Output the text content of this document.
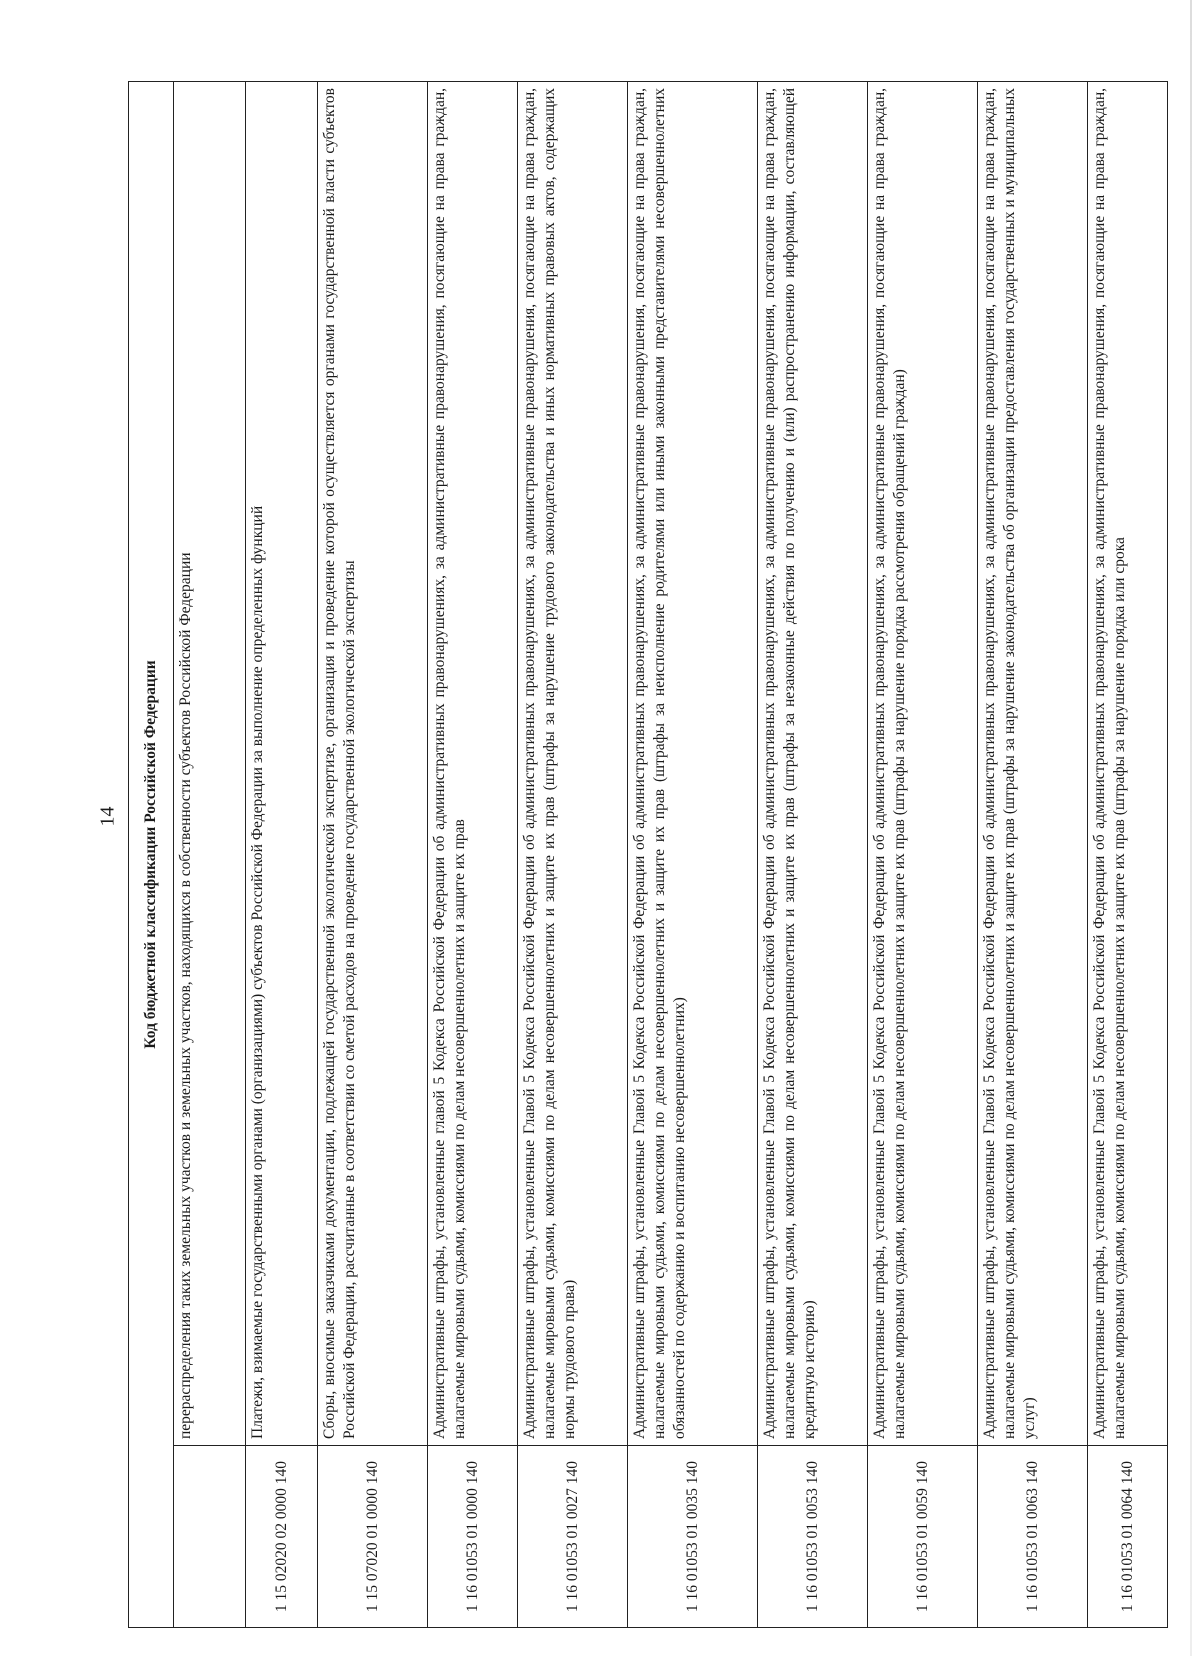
14 Код бюджетной классификации Российской Федерации	
	перераспределения таких земельных участков и земельных участков, находящихся в собственности субъектов Российской Федерации
1 15 02020 02 0000 140	Платежи, взимаемые государственными органами (организациями) субъектов Российской Федерации за выполнение определенных функций
1 15 07020 01 0000 140	Сборы, вносимые заказчиками документации, подлежащей государственной экологической экспертизе, организация и проведение которой осуществляется органами государственной власти субъектов Российской Федерации, рассчитанные в соответствии со сметой расходов на проведение государственной экологической экспертизы
1 16 01053 01 0000 140	Административные штрафы, установленные главой 5 Кодекса Российской Федерации об административных правонарушениях, за административные правонарушения, посягающие на права граждан, налагаемые мировыми судьями, комиссиями по делам несовершеннолетних и защите их прав
1 16 01053 01 0027 140	Административные штрафы, установленные Главой 5 Кодекса Российской Федерации об административных правонарушениях, за административные правонарушения, посягающие на права граждан, налагаемые мировыми судьями, комиссиями по делам несовершеннолетних и защите их прав (штрафы за нарушение трудового законодательства и иных нормативных правовых актов, содержащих нормы трудового права)
1 16 01053 01 0035 140	Административные штрафы, установленные Главой 5 Кодекса Российской Федерации об административных правонарушениях, за административные правонарушения, посягающие на права граждан, налагаемые мировыми судьями, комиссиями по делам несовершеннолетних и защите их прав (штрафы за неисполнение родителями или иными законными представителями несовершеннолетних обязанностей по содержанию и воспитанию несовершеннолетних)
1 16 01053 01 0053 140	Административные штрафы, установленные Главой 5 Кодекса Российской Федерации об административных правонарушениях, за административные правонарушения, посягающие на права граждан, налагаемые мировыми судьями, комиссиями по делам несовершеннолетних и защите их прав (штрафы за незаконные действия по получению и (или) распространению информации, составляющей кредитную историю)
1 16 01053 01 0059 140	Административные штрафы, установленные Главой 5 Кодекса Российской Федерации об административных правонарушениях, за административные правонарушения, посягающие на права граждан, налагаемые мировыми судьями, комиссиями по делам несовершеннолетних и защите их прав (штрафы за нарушение порядка рассмотрения обращений граждан)
1 16 01053 01 0063 140	Административные штрафы, установленные Главой 5 Кодекса Российской Федерации об административных правонарушениях, за административные правонарушения, посягающие на права граждан, налагаемые мировыми судьями, комиссиями по делам несовершеннолетних и защите их прав (штрафы за нарушение законодательства об организации предоставления государственных и муниципальных услуг)
1 16 01053 01 0064 140	Административные штрафы, установленные Главой 5 Кодекса Российской Федерации об административных правонарушениях, за административные правонарушения, посягающие на права граждан, налагаемые мировыми судьями, комиссиями по делам несовершеннолетних и защите их прав (штрафы за нарушение порядка или срока
